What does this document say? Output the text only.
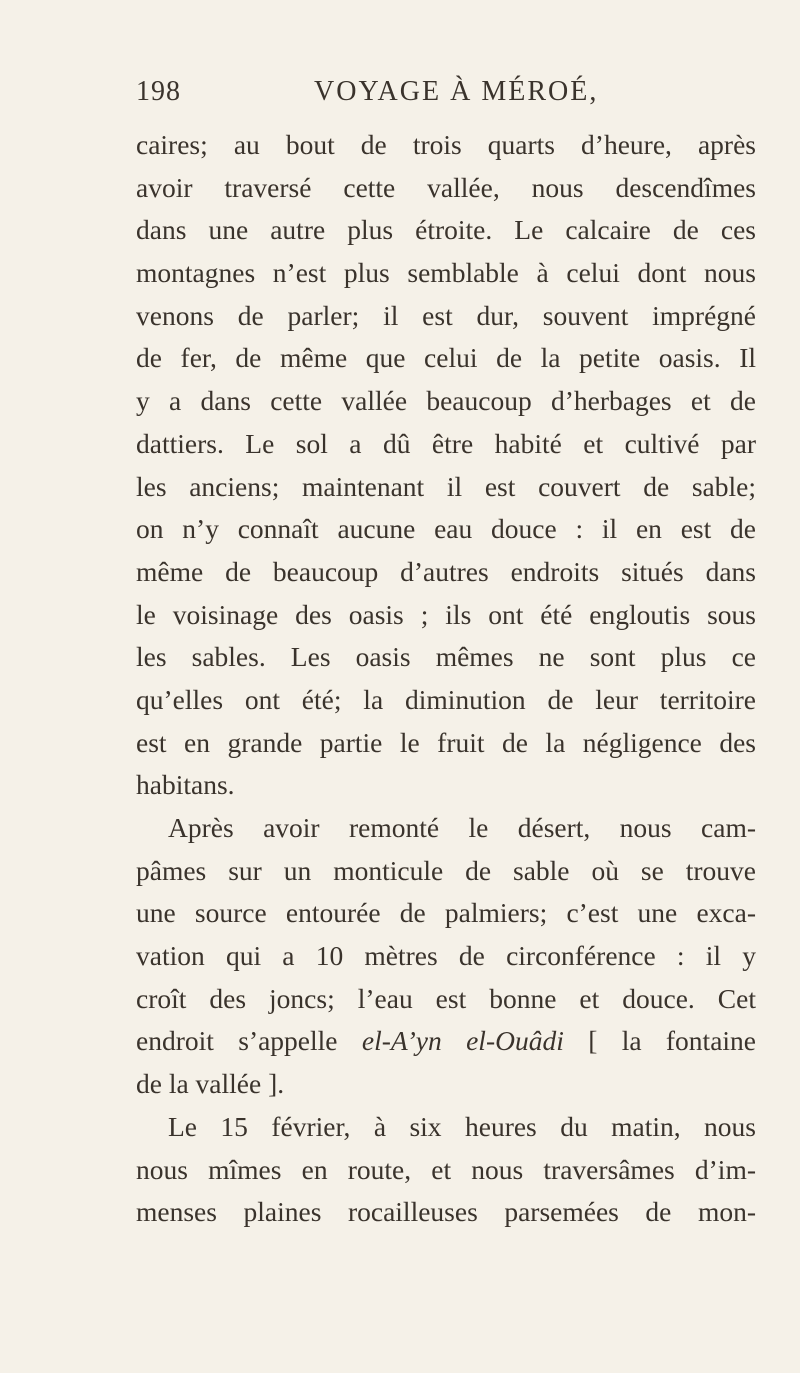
198	VOYAGE À MÉROÉ,
caires; au bout de trois quarts d’heure, après
avoir traversé cette vallée, nous descendîmes
dans une autre plus étroite. Le calcaire de ces
montagnes n’est plus semblable à celui dont nous
venons de parler; il est dur, souvent imprégné
de fer, de même que celui de la petite oasis. Il
y a dans cette vallée beaucoup d’herbages et de
dattiers. Le sol a dû être habité et cultivé par
les anciens; maintenant il est couvert de sable;
on n’y connaît aucune eau douce : il en est de
même de beaucoup d’autres endroits situés dans
le voisinage des oasis ; ils ont été engloutis sous
les sables. Les oasis mêmes ne sont plus ce
qu’elles ont été; la diminution de leur territoire
est en grande partie le fruit de la négligence des
habitans.
Après avoir remonté le désert, nous cam-
pâmes sur un monticule de sable où se trouve
une source entourée de palmiers; c’est une exca-
vation qui a 10 mètres de circonférence : il y
croît des joncs; l’eau est bonne et douce. Cet
endroit s’appelle el-A’yn el-Ouâdi [ la fontaine
de la vallée ].
Le 15 février, à six heures du matin, nous
nous mîmes en route, et nous traversâmes d’im-
menses plaines rocailleuses parsemées de mon-
